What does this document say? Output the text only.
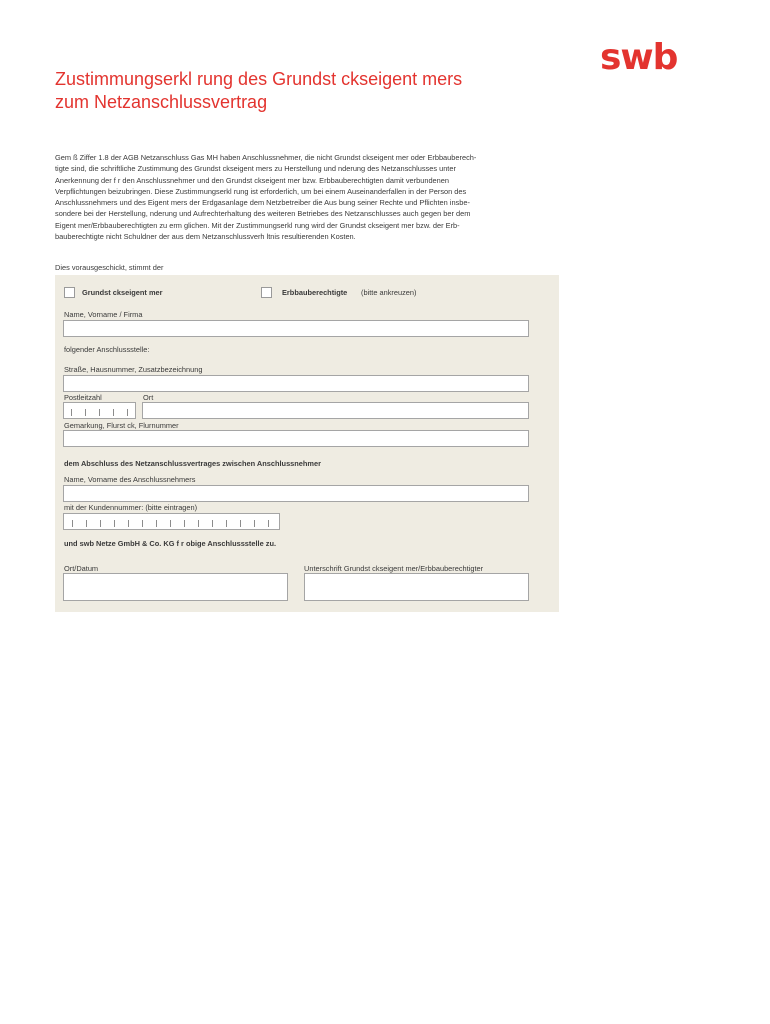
swb
Zustimmungserkl rung des Grundst ckseigent mers
zum Netzanschlussvertrag
Gem ß Ziffer 1.8 der AGB Netzanschluss Gas MH haben Anschlussnehmer, die nicht Grundst ckseigent mer oder Erbbauberech-
tigte sind, die schriftliche Zustimmung des Grundst ckseigent mers zu Herstellung und nderung des Netzanschlusses unter
Anerkennung der f r den Anschlussnehmer und den Grundst ckseigent mer bzw. Erbbauberechtigten damit verbundenen
Verpflichtungen beizubringen. Diese Zustimmungserkl rung ist erforderlich, um bei einem Auseinanderfallen in der Person des
Anschlussnehmers und des Eigent mers der Erdgasanlage dem Netzbetreiber die Aus bung seiner Rechte und Pflichten insbe-
sondere bei der Herstellung, nderung und Aufrechterhaltung des weiteren Betriebes des Netzanschlusses auch gegen ber dem
Eigent mer/Erbbauberechtigten zu erm glichen. Mit der Zustimmungserkl rung wird der Grundst ckseigent mer bzw. der Erb-
bauberechtigte nicht Schuldner der aus dem Netzanschlussverh ltnis resultierenden Kosten.
Dies vorausgeschickt, stimmt der
Grundst ckseigent mer	Erbbauberechtigte (bitte ankreuzen)
Name, Vorname / Firma
folgender Anschlussstelle:
Straße, Hausnummer, Zusatzbezeichnung
Postleitzahl	Ort
Gemarkung, Flurst ck, Flurnummer
dem Abschluss des Netzanschlussvertrages zwischen Anschlussnehmer
Name, Vorname des Anschlussnehmers
mit der Kundennummer: (bitte eintragen)
und swb Netze GmbH & Co. KG f r obige Anschlussstelle zu.
Ort/Datum	Unterschrift Grundst ckseigent mer/Erbbauberechtigter
